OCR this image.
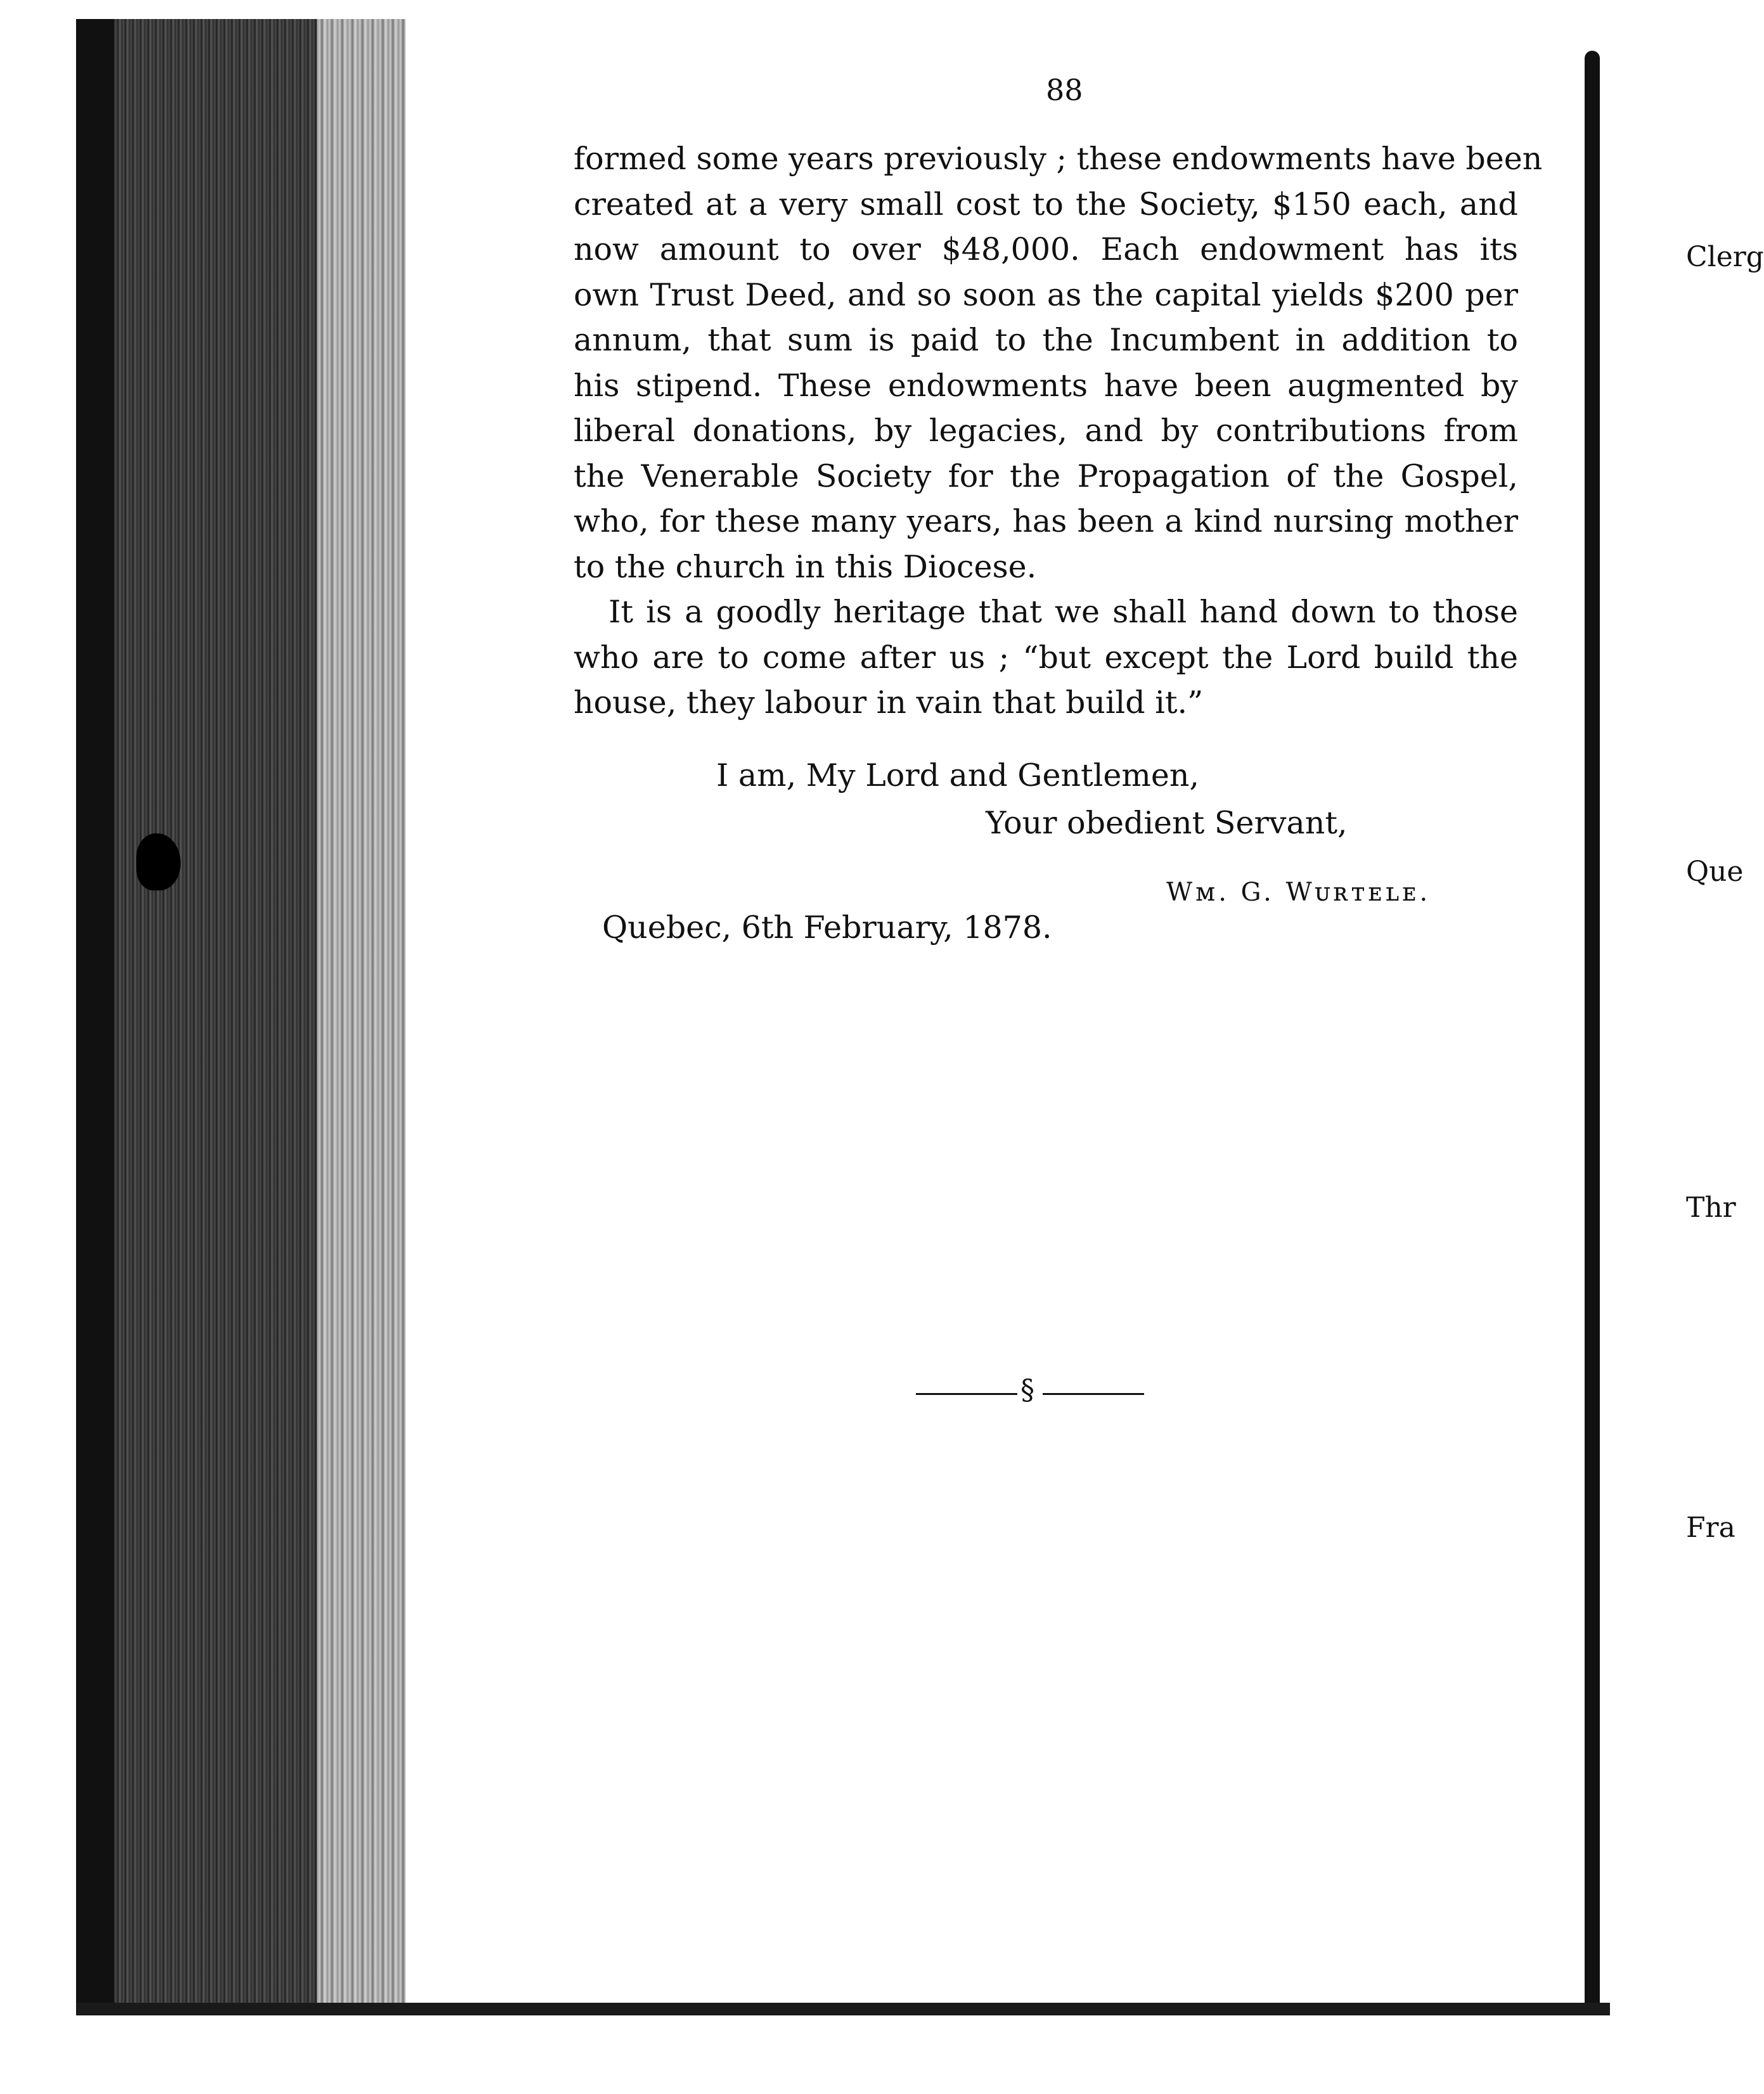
88

formed some years previously ; these endowments have been
created at a very small cost to the Society, $150 each, and
now amount to over $48,000. Each endowment has its
own Trust Deed, and so soon as the capital yields $200 per
annum, that sum is paid to the Incumbent in addition to
his stipend. These endowments have been augmented by
liberal donations, by legacies, and by contributions from
the Venerable Society for the Propagation of the Gospel,
who, for these many years, has been a kind nursing mother
to the church in this Diocese.

It is a goodly heritage that we shall hand down to those
who are to come after us ; “but except the Lord build the
house, they labour in vain that build it.”

I am, My Lord and Gentlemen,
Your obedient Servant,
Wᴍ. G. Wᴜʀᴛᴇʟᴇ.
Quebec, 6th February, 1878.
§
Clerg
Que
Thr
Fra
